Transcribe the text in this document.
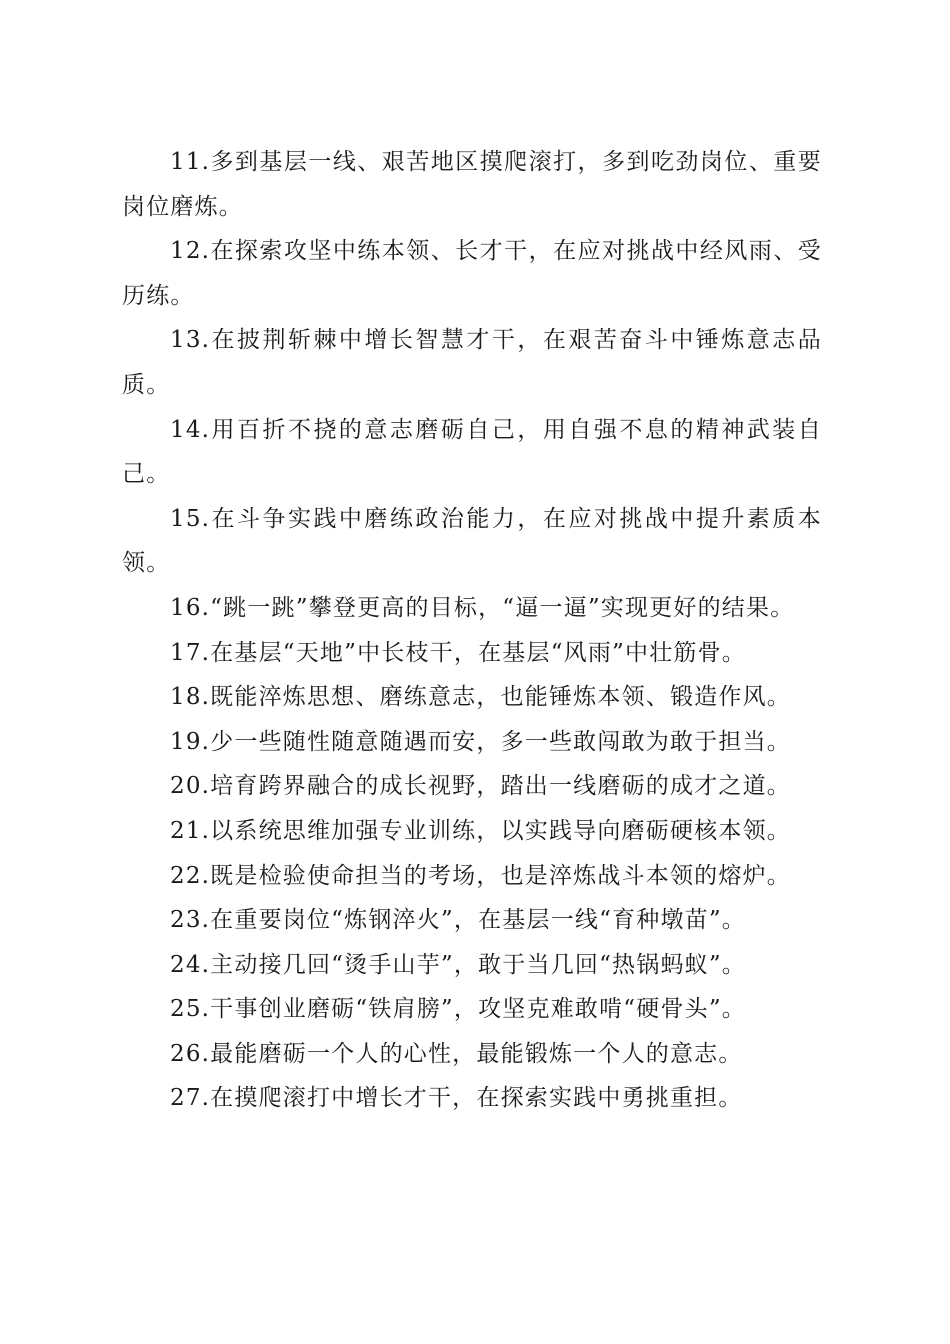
11.多到基层一线、艰苦地区摸爬滚打，多到吃劲岗位、重要岗位磨炼。

12.在探索攻坚中练本领、长才干，在应对挑战中经风雨、受历练。

13.在披荆斩棘中增长智慧才干，在艰苦奋斗中锤炼意志品质。

14.用百折不挠的意志磨砺自己，用自强不息的精神武装自己。

15.在斗争实践中磨练政治能力，在应对挑战中提升素质本领。

16.“跳一跳”攀登更高的目标，“逼一逼”实现更好的结果。

17.在基层“天地”中长枝干，在基层“风雨”中壮筋骨。

18.既能淬炼思想、磨练意志，也能锤炼本领、锻造作风。

19.少一些随性随意随遇而安，多一些敢闯敢为敢于担当。

20.培育跨界融合的成长视野，踏出一线磨砺的成才之道。

21.以系统思维加强专业训练，以实践导向磨砺硬核本领。

22.既是检验使命担当的考场，也是淬炼战斗本领的熔炉。

23.在重要岗位“炼钢淬火”，在基层一线“育种墩苗”。

24.主动接几回“烫手山芋”，敢于当几回“热锅蚂蚁”。

25.干事创业磨砺“铁肩膀”，攻坚克难敢啃“硬骨头”。

26.最能磨砺一个人的心性，最能锻炼一个人的意志。

27.在摸爬滚打中增长才干，在探索实践中勇挑重担。
